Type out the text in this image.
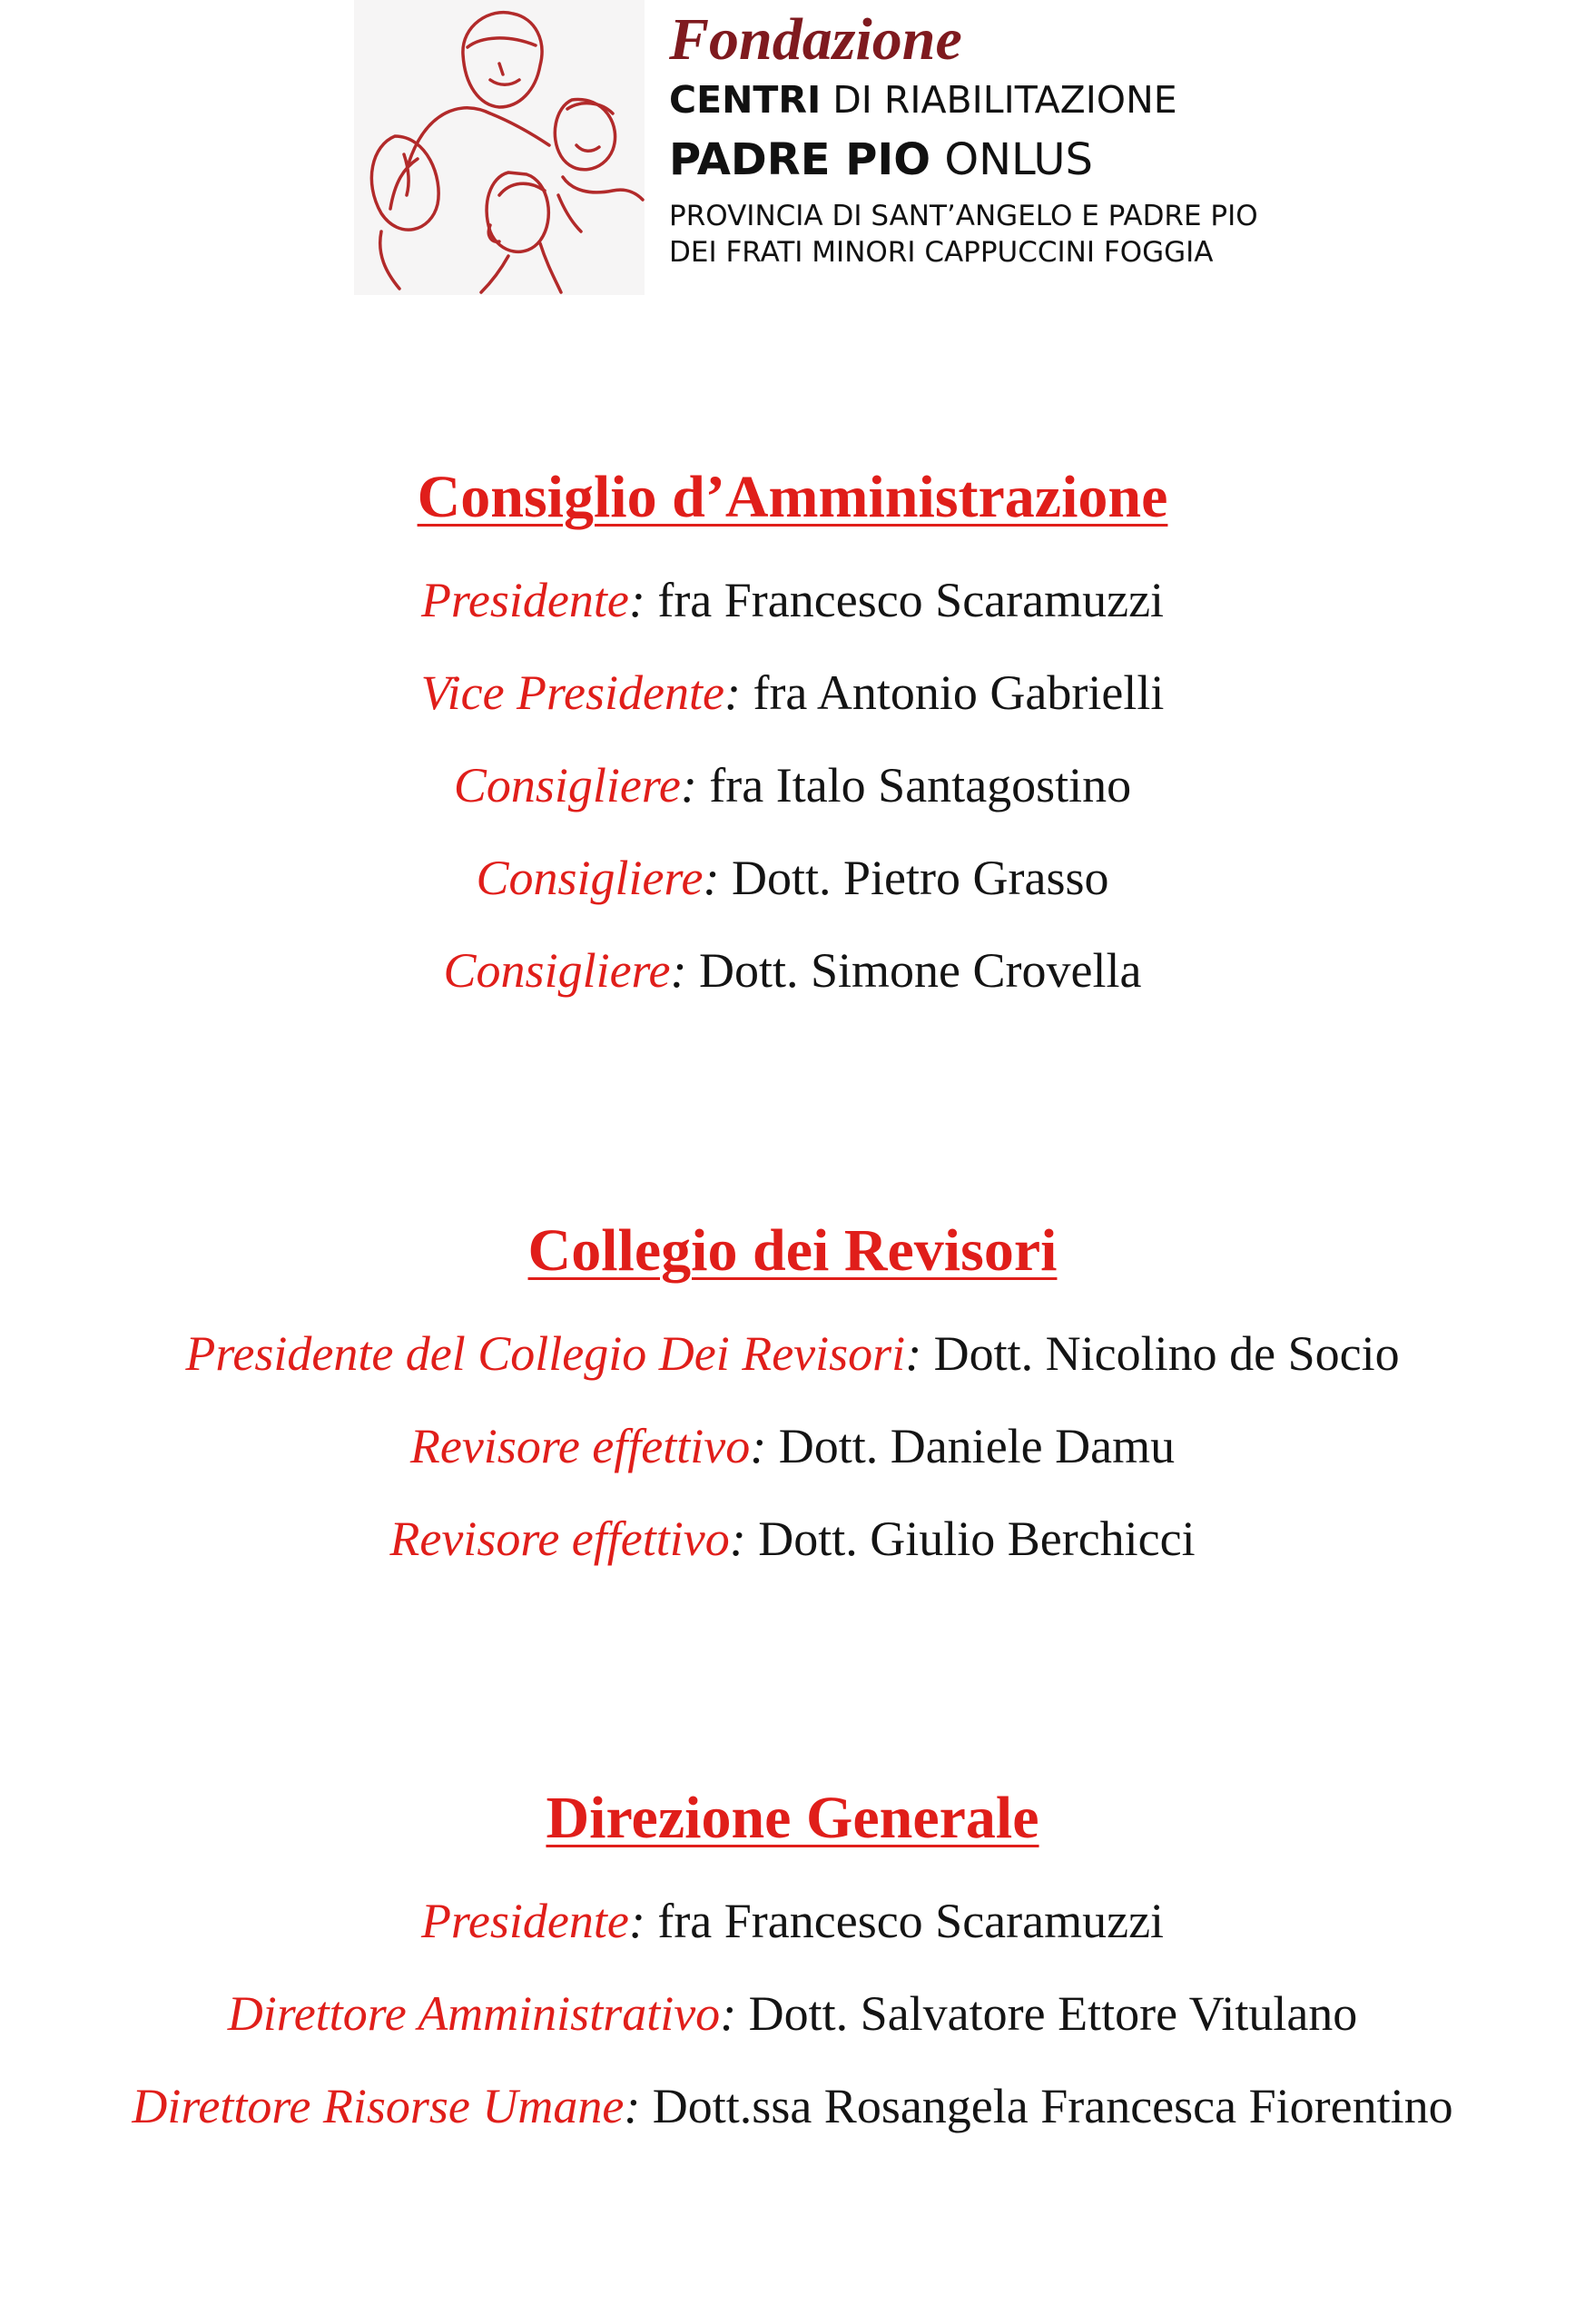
Fondazione
CENTRI DI RIABILITAZIONE
PADRE PIO ONLUS
PROVINCIA DI SANT’ANGELO E PADRE PIO
DEI FRATI MINORI CAPPUCCINI FOGGIA
Consiglio d’Amministrazione
Presidente: fra Francesco Scaramuzzi
Vice Presidente: fra Antonio Gabrielli
Consigliere: fra Italo Santagostino
Consigliere: Dott. Pietro Grasso
Consigliere: Dott. Simone Crovella
Collegio dei Revisori
Presidente del Collegio Dei Revisori: Dott. Nicolino de Socio
Revisore effettivo: Dott. Daniele Damu
Revisore effettivo: Dott. Giulio Berchicci
Direzione Generale
Presidente: fra Francesco Scaramuzzi
Direttore Amministrativo: Dott. Salvatore Ettore Vitulano
Direttore Risorse Umane: Dott.ssa Rosangela Francesca Fiorentino
